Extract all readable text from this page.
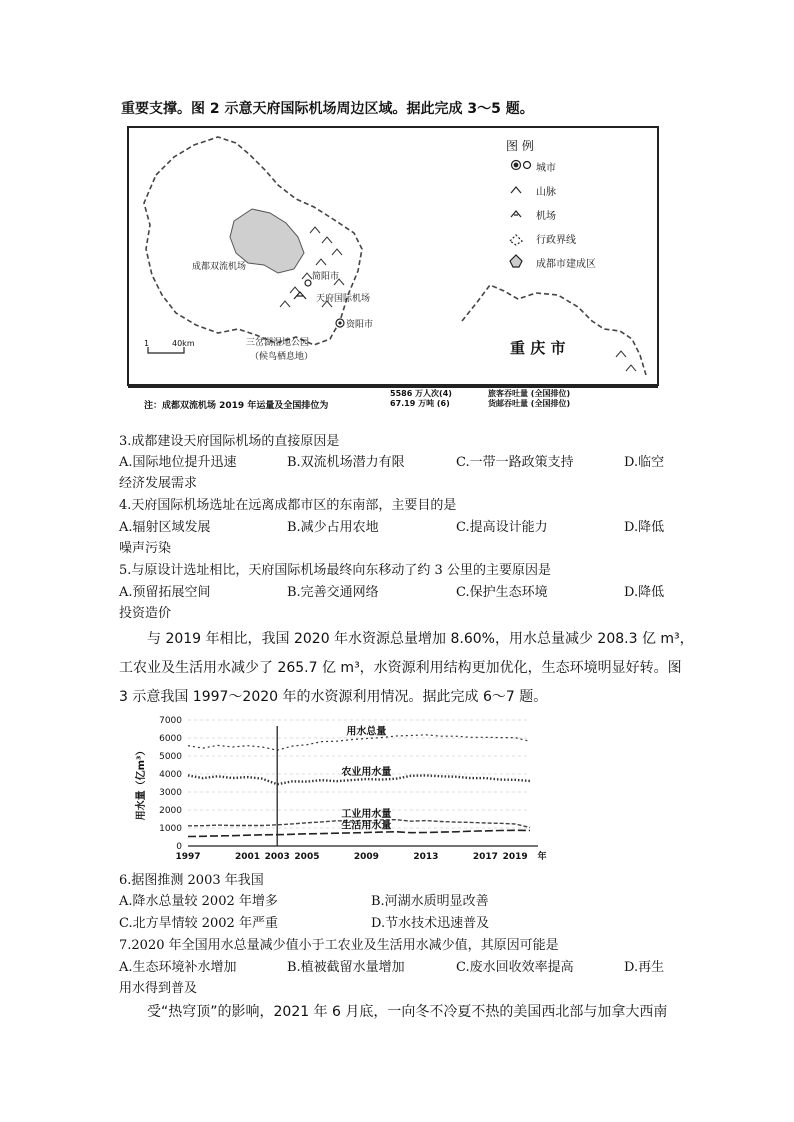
重要支撑。图 2 示意天府国际机场周边区域。据此完成 3～5 题。
图 例
城市
山脉
机场
行政界线
成都市建成区
成都双流机场
简阳市
天府国际机场
资阳市
三岔湖湿地公园
（候鸟栖息地）	重 庆 市
1	40km
注：成都双流机场 2019 年运量及全国排位为
5586 万人次(4)
67.19 万吨 (6)
旅客吞吐量 (全国排位)
货邮吞吐量 (全国排位)
3.成都建设天府国际机场的直接原因是
A.国际地位提升迅速	B.双流机场潜力有限	C.一带一路政策支持	D.临空
经济发展需求
4.天府国际机场选址在远离成都市区的东南部，主要目的是
A.辐射区域发展	B.减少占用农地	C.提高设计能力	D.降低
噪声污染
5.与原设计选址相比，天府国际机场最终向东移动了约 3 公里的主要原因是
A.预留拓展空间	B.完善交通网络	C.保护生态环境	D.降低
投资造价
与 2019 年相比，我国 2020 年水资源总量增加 8.60%，用水总量减少 208.3 亿 m³，
工农业及生活用水减少了 265.7 亿 m³，水资源利用结构更加优化，生态环境明显好转。图
3 示意我国 1997～2020 年的水资源利用情况。据此完成 6～7 题。
0
1000
2000
3000
4000
5000
6000
7000
1997	2001 2003 2005	2009	2013	2017 2019 年
用水量（亿m³）
用水总量
农业用水量
工业用水量
生活用水量
6.据图推测 2003 年我国
A.降水总量较 2002 年增多	B.河湖水质明显改善
C.北方旱情较 2002 年严重	D.节水技术迅速普及
7.2020 年全国用水总量减少值小于工农业及生活用水减少值，其原因可能是
A.生态环境补水增加	B.植被截留水量增加	C.废水回收效率提高	D.再生
用水得到普及
受“热穹顶”的影响，2021 年 6 月底，一向冬不冷夏不热的美国西北部与加拿大西南
